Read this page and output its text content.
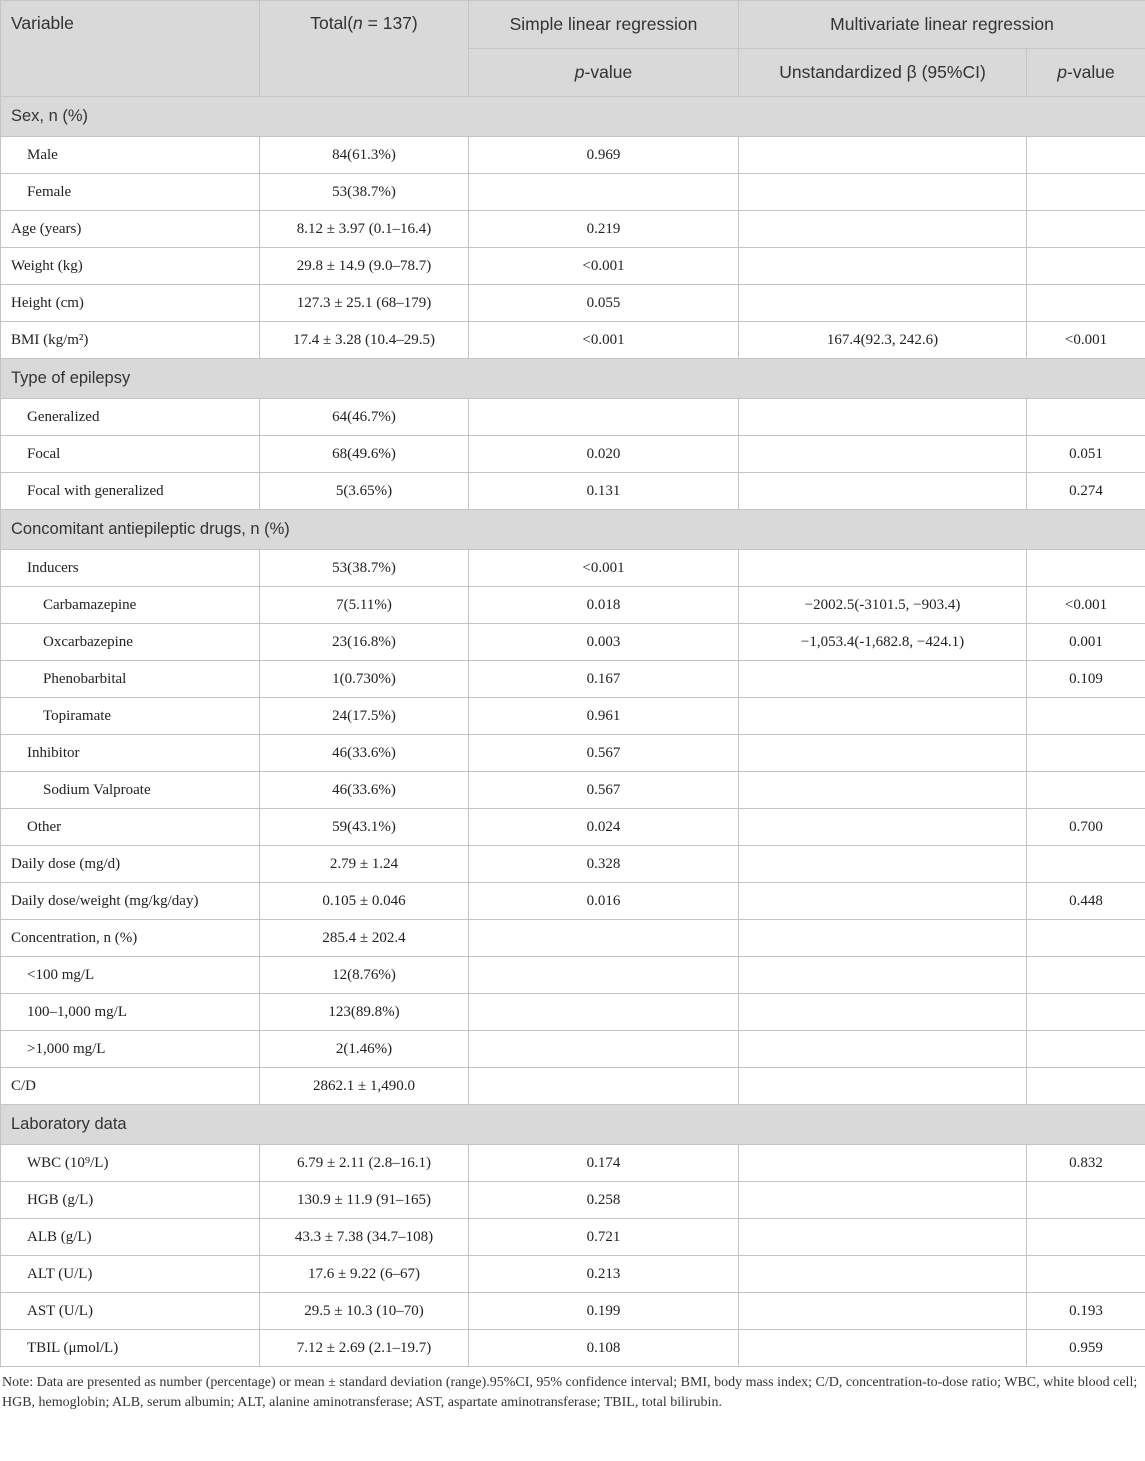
Variable	Total(n = 137)	Simple linear regression	Multivariate linear regression	
		p-value	Unstandardized β (95%CI)	p-value
Sex, n (%)				
Male	84(61.3%)	0.969		
Female	53(38.7%)			
Age (years)	8.12 ± 3.97 (0.1–16.4)	0.219		
Weight (kg)	29.8 ± 14.9 (9.0–78.7)	<0.001		
Height (cm)	127.3 ± 25.1 (68–179)	0.055		
BMI (kg/m²)	17.4 ± 3.28 (10.4–29.5)	<0.001	167.4(92.3, 242.6)	<0.001
Type of epilepsy				
Generalized	64(46.7%)			
Focal	68(49.6%)	0.020		0.051
Focal with generalized	5(3.65%)	0.131		0.274
Concomitant antiepileptic drugs, n (%)				
Inducers	53(38.7%)	<0.001		
Carbamazepine	7(5.11%)	0.018	−2002.5(-3101.5, −903.4)	<0.001
Oxcarbazepine	23(16.8%)	0.003	−1,053.4(-1,682.8, −424.1)	0.001
Phenobarbital	1(0.730%)	0.167		0.109
Topiramate	24(17.5%)	0.961		
Inhibitor	46(33.6%)	0.567		
Sodium Valproate	46(33.6%)	0.567		
Other	59(43.1%)	0.024		0.700
Daily dose (mg/d)	2.79 ± 1.24	0.328		
Daily dose/weight (mg/kg/day)	0.105 ± 0.046	0.016		0.448
Concentration, n (%)	285.4 ± 202.4			
<100 mg/L	12(8.76%)			
100–1,000 mg/L	123(89.8%)			
>1,000 mg/L	2(1.46%)			
C/D	2862.1 ± 1,490.0			
Laboratory data				
WBC (10⁹/L)	6.79 ± 2.11 (2.8–16.1)	0.174		0.832
HGB (g/L)	130.9 ± 11.9 (91–165)	0.258		
ALB (g/L)	43.3 ± 7.38 (34.7–108)	0.721		
ALT (U/L)	17.6 ± 9.22 (6–67)	0.213		
AST (U/L)	29.5 ± 10.3 (10–70)	0.199		0.193
TBIL (μmol/L)	7.12 ± 2.69 (2.1–19.7)	0.108		0.959
Note: Data are presented as number (percentage) or mean ± standard deviation (range).95%CI, 95% confidence interval; BMI, body mass index; C/D, concentration-to-dose ratio; WBC, white blood cell; HGB, hemoglobin; ALB, serum albumin; ALT, alanine aminotransferase; AST, aspartate aminotransferase; TBIL, total bilirubin.
